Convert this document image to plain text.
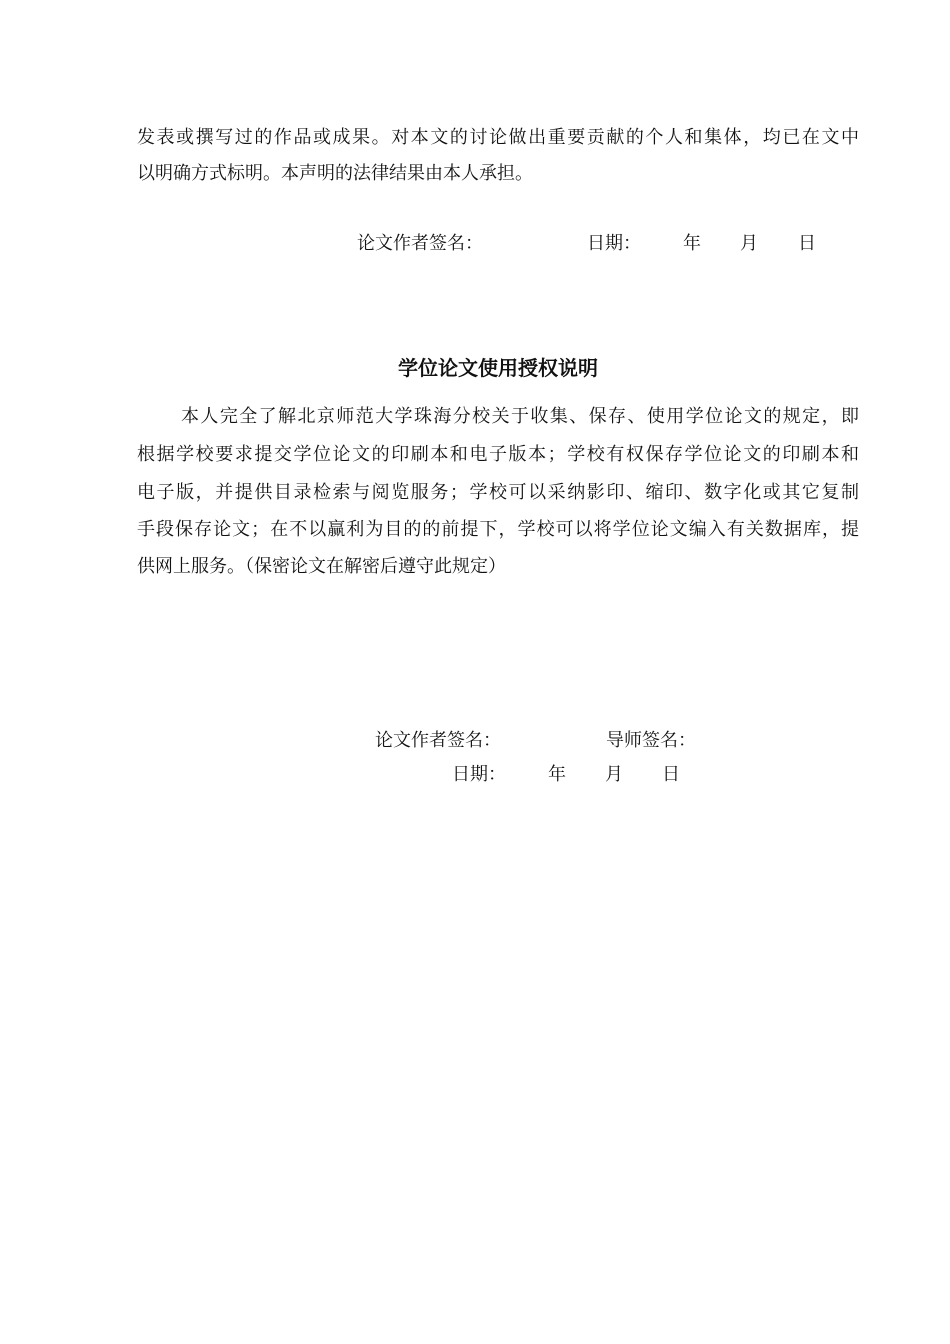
发表或撰写过的作品或成果。对本文的讨论做出重要贡献的个人和集体，均已在文中
以明确方式标明。本声明的法律结果由本人承担。
论文作者签名：	日期： 年 月 日
学位论文使用授权说明
本人完全了解北京师范大学珠海分校关于收集、保存、使用学位论文的规定，即
根据学校要求提交学位论文的印刷本和电子版本；学校有权保存学位论文的印刷本和
电子版，并提供目录检索与阅览服务；学校可以采纳影印、缩印、数字化或其它复制
手段保存论文；在不以赢利为目的的前提下，学校可以将学位论文编入有关数据库，提
供网上服务。（保密论文在解密后遵守此规定）
论文作者签名：	导师签名：
日期： 年 月 日
